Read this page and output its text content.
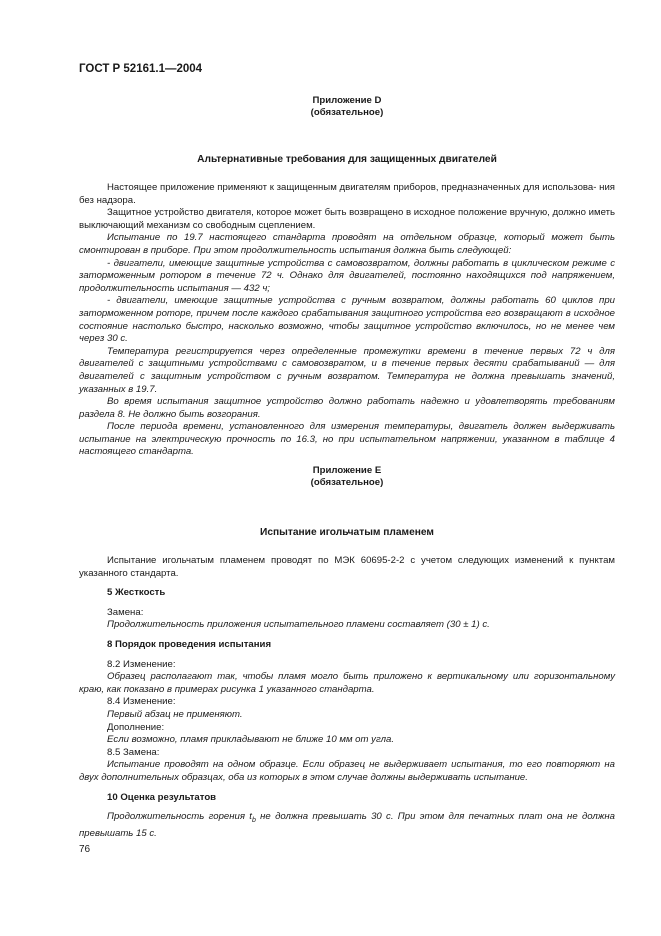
ГОСТ Р 52161.1—2004
Приложение D
(обязательное)
Альтернативные требования для защищенных двигателей

Настоящее приложение применяют к защищенным двигателям приборов, предназначенных для использова- ния без надзора.

Защитное устройство двигателя, которое может быть возвращено в исходное положение вручную, должно иметь выключающий механизм со свободным сцеплением.

Испытание по 19.7 настоящего стандарта проводят на отдельном образце, который может быть смонтирован в приборе. При этом продолжительность испытания должна быть следующей:

- двигатели, имеющие защитные устройства с самовозвратом, должны работать в циклическом режиме с заторможенным ротором в течение 72 ч. Однако для двигателей, постоянно находящихся под напряжением, продолжительность испытания — 432 ч;

- двигатели, имеющие защитные устройства с ручным возвратом, должны работать 60 циклов при заторможенном роторе, причем после каждого срабатывания защитного устройства его возвращают в исходное состояние настолько быстро, насколько возможно, чтобы защитное устройство включилось, но не менее чем через 30 с.

Температура регистрируется через определенные промежутки времени в течение первых 72 ч для двигателей с защитными устройствами с самовозвратом, и в течение первых десяти срабатываний — для двигателей с защитным устройством с ручным возвратом. Температура не должна превышать значений, указанных в 19.7.

Во время испытания защитное устройство должно работать надежно и удовлетворять требованиям раздела 8. Не должно быть возгорания.

После периода времени, установленного для измерения температуры, двигатель должен выдерживать испытание на электрическую прочность по 16.3, но при испытательном напряжении, указанном в таблице 4 настоящего стандарта.

Приложение E
(обязательное)
Испытание игольчатым пламенем

Испытание игольчатым пламенем проводят по МЭК 60695-2-2 с учетом следующих изменений к пунктам указанного стандарта.

5 Жесткость

Замена:

Продолжительность приложения испытательного пламени составляет (30 ± 1) с.

8 Порядок проведения испытания

8.2 Изменение:

Образец располагают так, чтобы пламя могло быть приложено к вертикальному или горизонтальному краю, как показано в примерах рисунка 1 указанного стандарта.

8.4 Изменение:

Первый абзац не применяют.

Дополнение:

Если возможно, пламя прикладывают не ближе 10 мм от угла.

8.5 Замена:

Испытание проводят на одном образце. Если образец не выдерживает испытания, то его повторяют на двух дополнительных образцах, оба из которых в этом случае должны выдерживать испытание.

10 Оценка результатов

Продолжительность горения $t_b$ не должна превышать 30 с. При этом для печатных плат она не должна превышать 15 с.

76
